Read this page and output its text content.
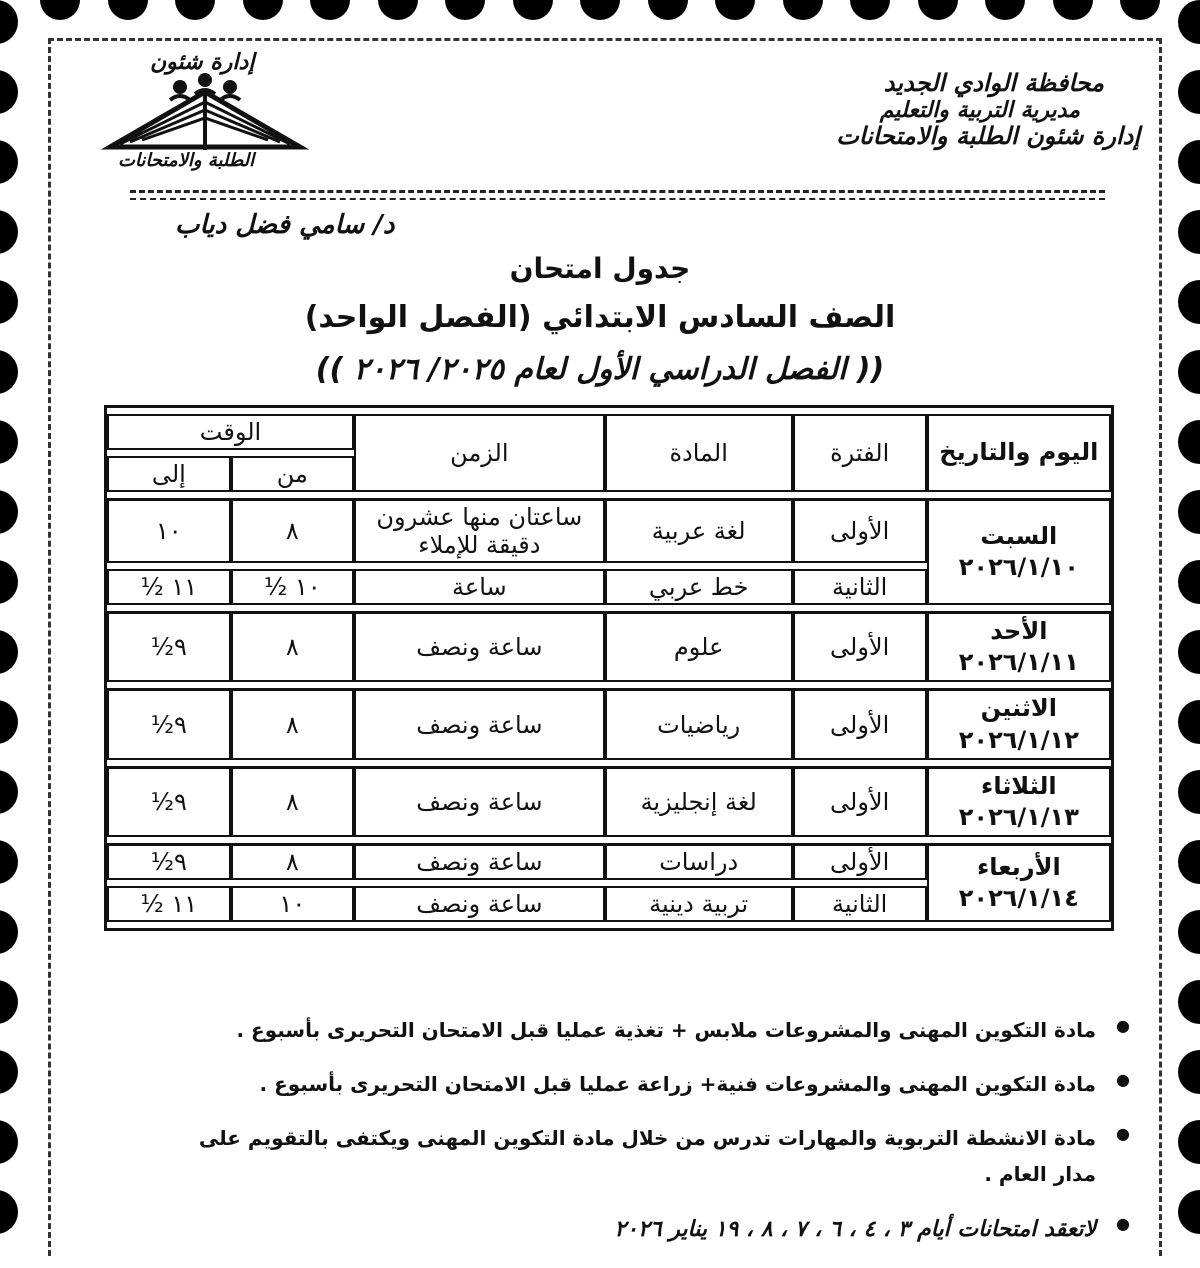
محافظة الوادي الجديد
مديرية التربية والتعليم
إدارة شئون الطلبة والامتحانات
إدارة شئون
الطلبة والامتحانات
د/ سامي فضل دياب
جدول امتحان
الصف السادس الابتدائي (الفصل الواحد)
(( الفصل الدراسي الأول لعام ٢٠٢٥/ ٢٠٢٦ ))
اليوم والتاريخ	الفترة	المادة	الزمن	الوقت	
				من	إلى

السبت
٢٠٢٦/١/١٠	الأولى	لغة عربية	ساعتان منها عشرون دقيقة للإملاء	٨	١٠
	الثانية	خط عربي	ساعة	١٠ ½	١١ ½

الأحد
٢٠٢٦/١/١١	الأولى	علوم	ساعة ونصف	٨	٩½

الاثنين
٢٠٢٦/١/١٢	الأولى	رياضيات	ساعة ونصف	٨	٩½

الثلاثاء
٢٠٢٦/١/١٣	الأولى	لغة إنجليزية	ساعة ونصف	٨	٩½

الأربعاء
٢٠٢٦/١/١٤	الأولى	دراسات	ساعة ونصف	٨	٩½
	الثانية	تربية دينية	ساعة ونصف	١٠	١١ ½
● مادة التكوين المهنى والمشروعات ملابس + تغذية عمليا قبل الامتحان التحريرى بأسبوع .
● مادة التكوين المهنى والمشروعات فنية+ زراعة عمليا قبل الامتحان التحريرى بأسبوع .
● مادة الانشطة التربوية والمهارات تدرس من خلال مادة التكوين المهنى ويكتفى بالتقويم على مدار العام .
● لاتعقد امتحانات أيام ٣ ، ٤ ، ٦ ، ٧ ، ٨ ، ١٩ يناير ٢٠٢٦
